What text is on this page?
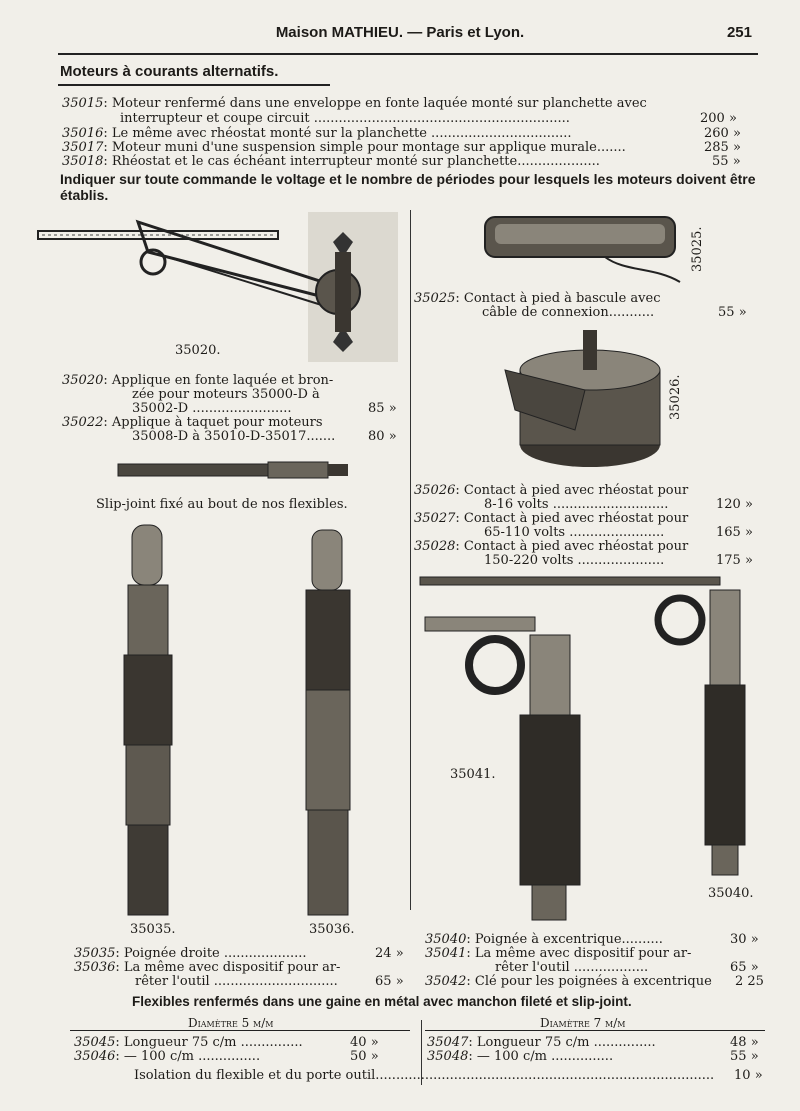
Maison MATHIEU. — Paris et Lyon.	251
Moteurs à courants alternatifs.
35015: Moteur renfermé dans une enveloppe en fonte laquée monté sur planchette avec
interrupteur et coupe circuit ..............................................................	200 »
35016: Le même avec rhéostat monté sur la planchette ..................................	260 »
35017: Moteur muni d'une suspension simple pour montage sur applique murale.......	285 »
35018: Rhéostat et le cas échéant interrupteur monté sur planchette....................	55 »
Indiquer sur toute commande le voltage et le nombre de périodes pour lesquels les moteurs doivent être établis.
35020.
35020: Applique en fonte laquée et bron-
zée pour moteurs 35000-D à
35002-D ........................	85 »
35022: Applique à taquet pour moteurs
35008-D à 35010-D-35017.......	80 »
Slip-joint fixé au bout de nos flexibles.
35035.	35036.
35035: Poignée droite ....................	24 »
35036: La même avec dispositif pour ar-
rêter l'outil ..............................	65 »
35025.
35025: Contact à pied à bascule avec
câble de connexion...........	55 »
35026.
35026: Contact à pied avec rhéostat pour
8-16 volts ............................	120 »
35027: Contact à pied avec rhéostat pour
65-110 volts .......................	165 »
35028: Contact à pied avec rhéostat pour
150-220 volts .....................	175 »
35041.
35040.
35040: Poignée à excentrique..........	30 »
35041: La même avec dispositif pour ar-
rêter l'outil ..................	65 »
35042: Clé pour les poignées à excentrique 2 25
Flexibles renfermés dans une gaine en métal avec manchon fileté et slip-joint.
Diamètre 5 m/m	Diamètre 7 m/m
35045: Longueur 75 c/m ...............	40 »
35046: — 100 c/m ...............	50 »
35047: Longueur 75 c/m ...............	48 »
35048: — 100 c/m ...............	55 »
Isolation du flexible et du porte outil.................................................................................. 10 »
